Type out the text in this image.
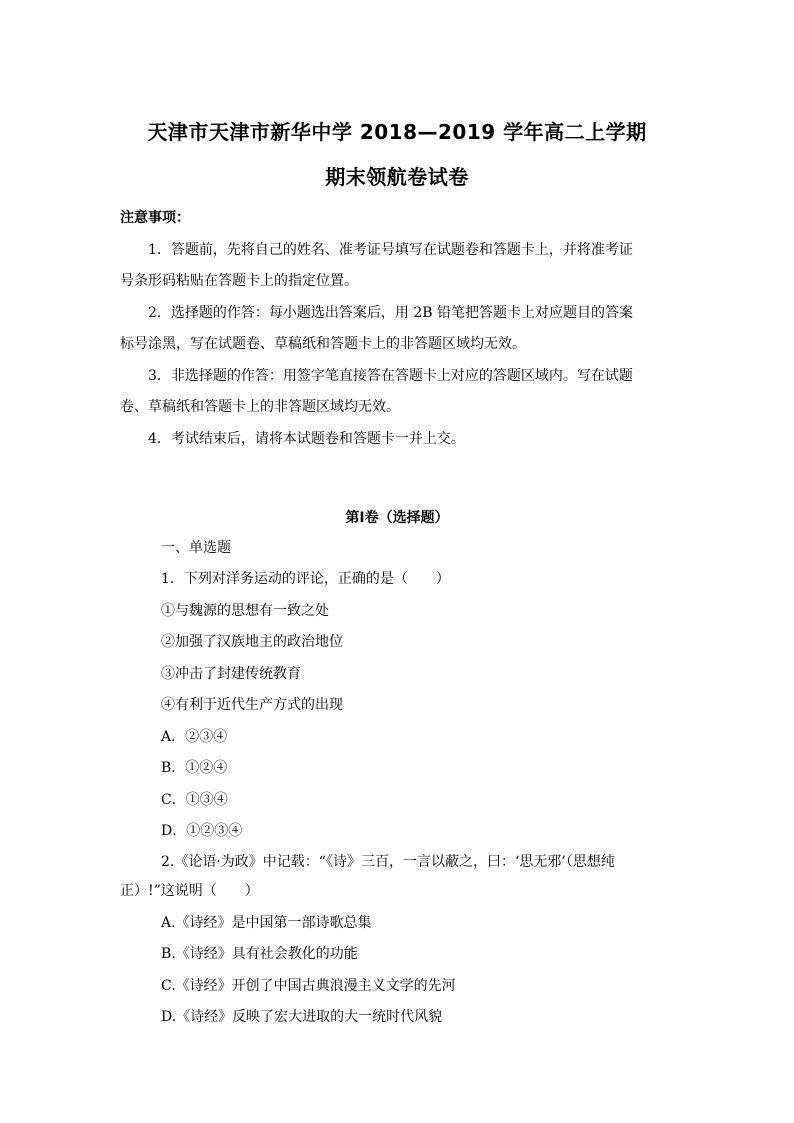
天津市天津市新华中学 2018—2019 学年高二上学期
期末领航卷试卷
注意事项：
1．答题前，先将自己的姓名、准考证号填写在试题卷和答题卡上，并将准考证
号条形码粘贴在答题卡上的指定位置。
2．选择题的作答：每小题选出答案后，用 2B 铅笔把答题卡上对应题目的答案
标号涂黑，写在试题卷、草稿纸和答题卡上的非答题区域均无效。
3．非选择题的作答：用签字笔直接答在答题卡上对应的答题区域内。写在试题
卷、草稿纸和答题卡上的非答题区域均无效。
4．考试结束后，请将本试题卷和答题卡一并上交。
第Ⅰ卷（选择题）
一、单选题
1．下列对洋务运动的评论，正确的是（　　）
①与魏源的思想有一致之处
②加强了汉族地主的政治地位
③冲击了封建传统教育
④有利于近代生产方式的出现
A．②③④
B．①②④
C．①③④
D．①②③④
2.《论语·为政》中记载：“《诗》三百，一言以蔽之，曰：‘思无邪’（思想纯
正）!”这说明（　　）
A.《诗经》是中国第一部诗歌总集
B.《诗经》具有社会教化的功能
C.《诗经》开创了中国古典浪漫主义文学的先河
D.《诗经》反映了宏大进取的大一统时代风貌
